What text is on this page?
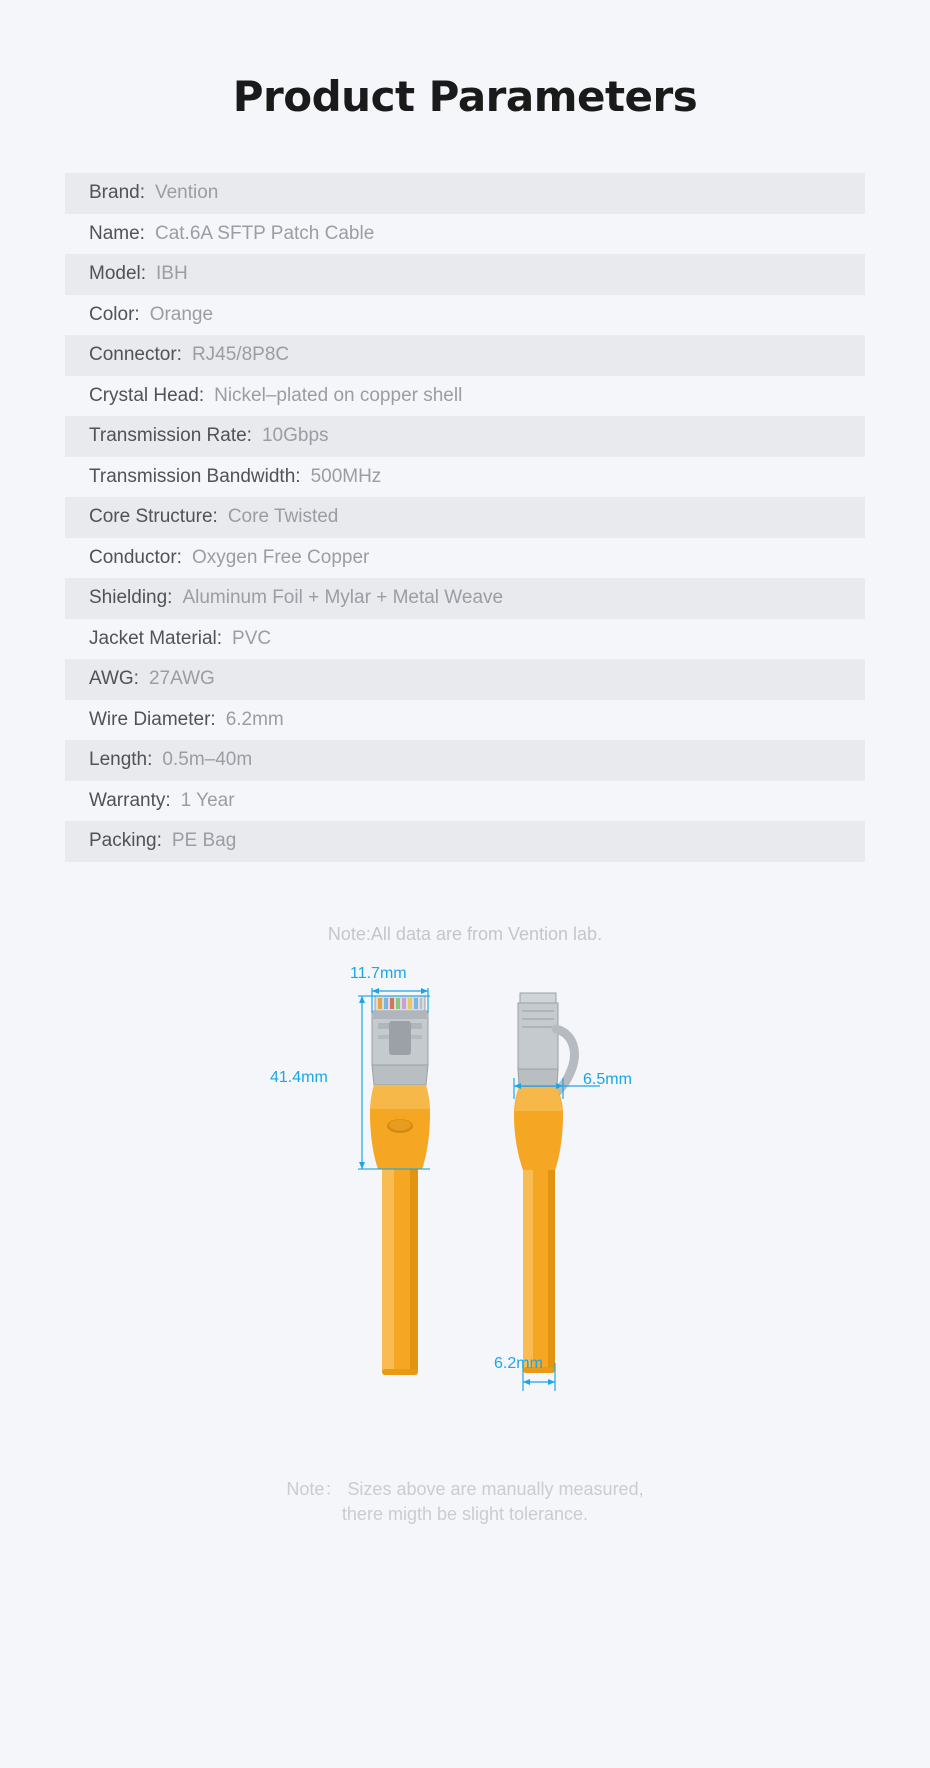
Product Parameters
Brand: Vention
Name: Cat.6A SFTP Patch Cable
Model: IBH
Color: Orange
Connector: RJ45/8P8C
Crystal Head: Nickel–plated on copper shell
Transmission Rate: 10Gbps
Transmission Bandwidth: 500MHz
Core Structure: Core Twisted
Conductor: Oxygen Free Copper
Shielding: Aluminum Foil + Mylar + Metal Weave
Jacket Material: PVC
AWG: 27AWG
Wire Diameter: 6.2mm
Length: 0.5m–40m
Warranty: 1 Year
Packing: PE Bag
Note:All data are from Vention lab.
11.7mm
41.4mm	6.5mm
6.2mm
Note： Sizes above are manually measured,
there migth be slight tolerance.
